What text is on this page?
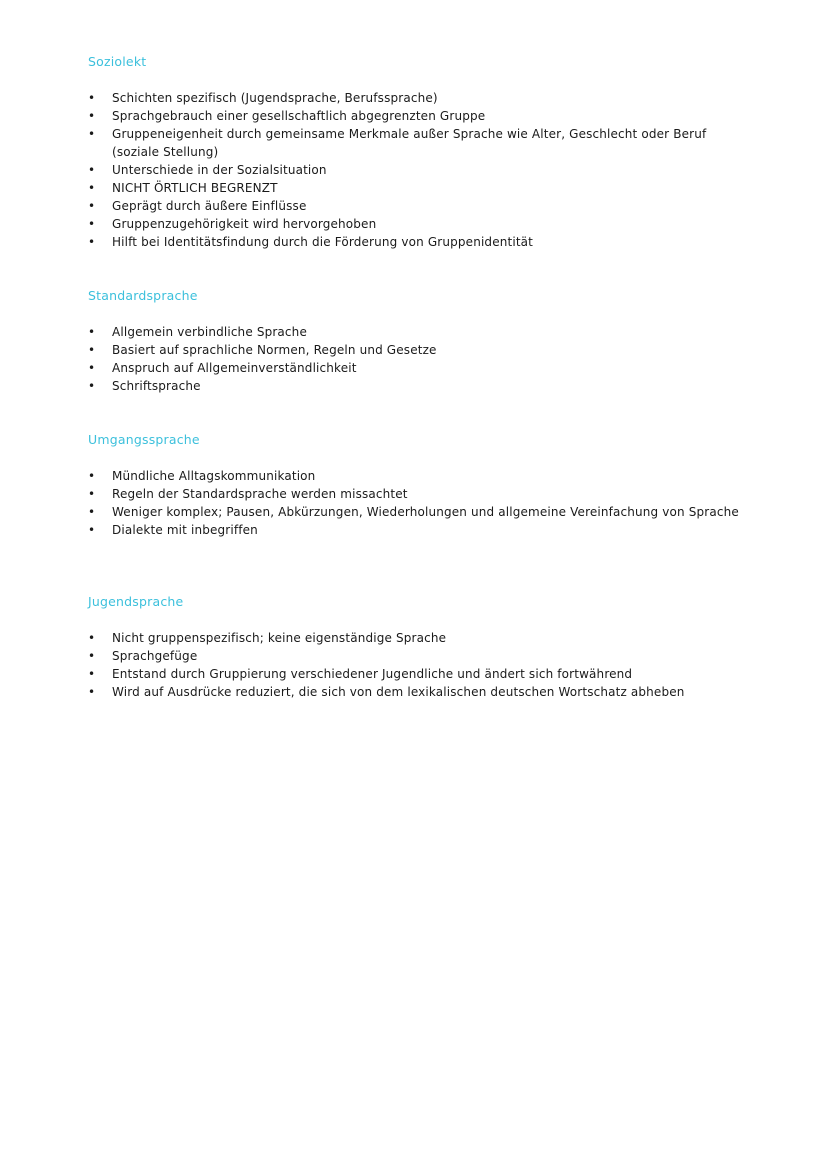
Soziolekt
• Schichten spezifisch (Jugendsprache, Berufssprache)
• Sprachgebrauch einer gesellschaftlich abgegrenzten Gruppe
• Gruppeneigenheit durch gemeinsame Merkmale außer Sprache wie Alter, Geschlecht oder Beruf (soziale Stellung)
• Unterschiede in der Sozialsituation
• NICHT ÖRTLICH BEGRENZT
• Geprägt durch äußere Einflüsse
• Gruppenzugehörigkeit wird hervorgehoben
• Hilft bei Identitätsfindung durch die Förderung von Gruppenidentität
Standardsprache
• Allgemein verbindliche Sprache
• Basiert auf sprachliche Normen, Regeln und Gesetze
• Anspruch auf Allgemeinverständlichkeit
• Schriftsprache
Umgangssprache
• Mündliche Alltagskommunikation
• Regeln der Standardsprache werden missachtet
• Weniger komplex; Pausen, Abkürzungen, Wiederholungen und allgemeine Vereinfachung von Sprache
• Dialekte mit inbegriffen
Jugendsprache
• Nicht gruppenspezifisch; keine eigenständige Sprache
• Sprachgefüge
• Entstand durch Gruppierung verschiedener Jugendliche und ändert sich fortwährend
• Wird auf Ausdrücke reduziert, die sich von dem lexikalischen deutschen Wortschatz abheben
